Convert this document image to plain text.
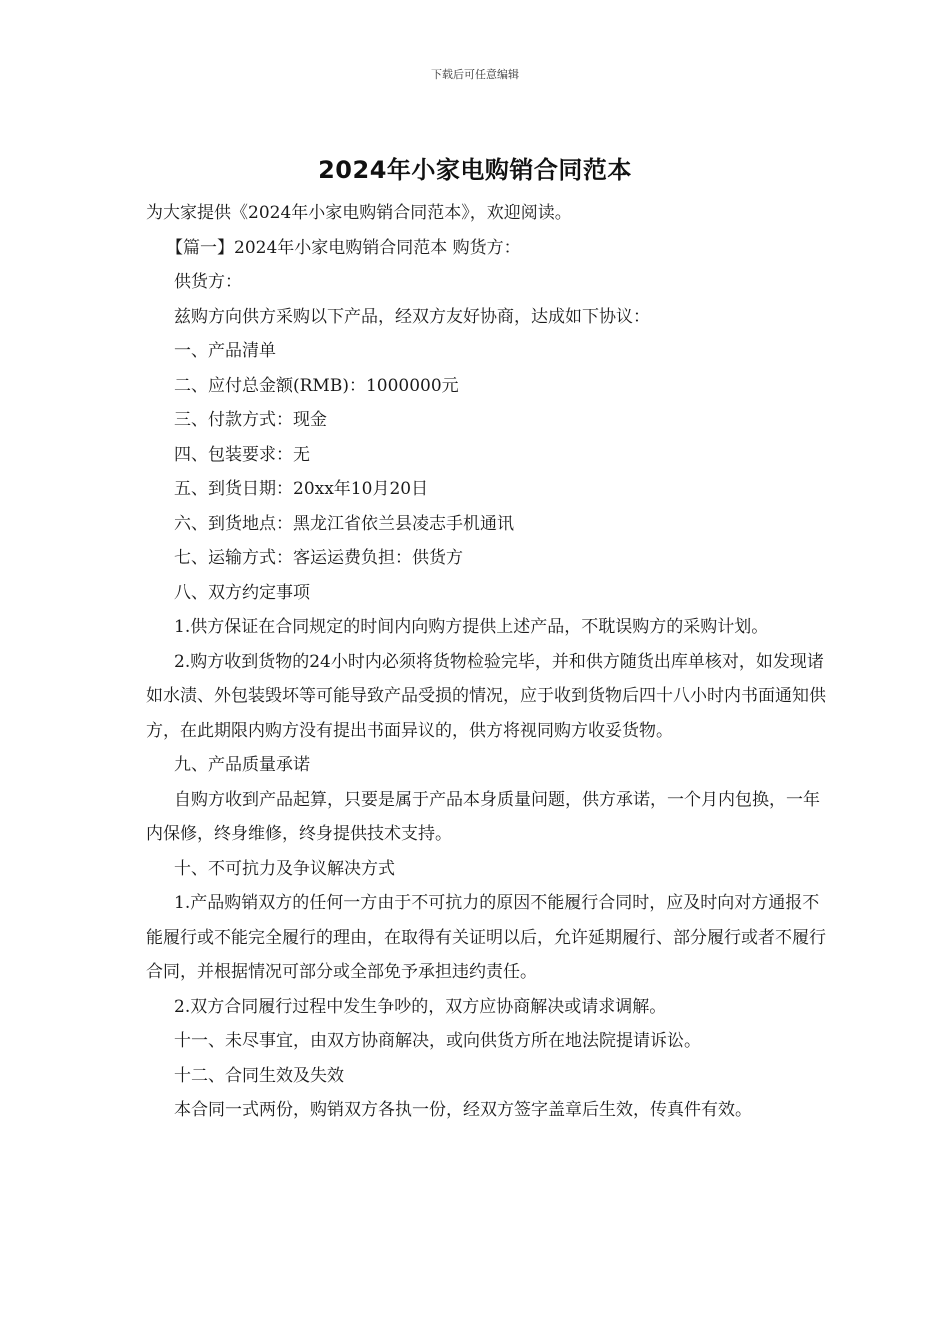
下载后可任意编辑
2024年小家电购销合同范本

为大家提供《2024年小家电购销合同范本》，欢迎阅读。

【篇一】2024年小家电购销合同范本 购货方：

供货方：

兹购方向供方采购以下产品，经双方友好协商，达成如下协议：

一、产品清单

二、应付总金额(RMB)：1000000元

三、付款方式：现金

四、包装要求：无

五、到货日期：20xx年10月20日

六、到货地点：黑龙江省依兰县凌志手机通讯

七、运输方式：客运运费负担：供货方

八、双方约定事项

1.供方保证在合同规定的时间内向购方提供上述产品，不耽误购方的采购计划。

2.购方收到货物的24小时内必须将货物检验完毕，并和供方随货出库单核对，如发现诸如水渍、外包装毁坏等可能导致产品受损的情况，应于收到货物后四十八小时内书面通知供方，在此期限内购方没有提出书面异议的，供方将视同购方收妥货物。

九、产品质量承诺

自购方收到产品起算，只要是属于产品本身质量问题，供方承诺，一个月内包换，一年内保修，终身维修，终身提供技术支持。

十、不可抗力及争议解决方式

1.产品购销双方的任何一方由于不可抗力的原因不能履行合同时，应及时向对方通报不能履行或不能完全履行的理由，在取得有关证明以后，允许延期履行、部分履行或者不履行合同，并根据情况可部分或全部免予承担违约责任。

2.双方合同履行过程中发生争吵的，双方应协商解决或请求调解。

十一、未尽事宜，由双方协商解决，或向供货方所在地法院提请诉讼。

十二、合同生效及失效

本合同一式两份，购销双方各执一份，经双方签字盖章后生效，传真件有效。
